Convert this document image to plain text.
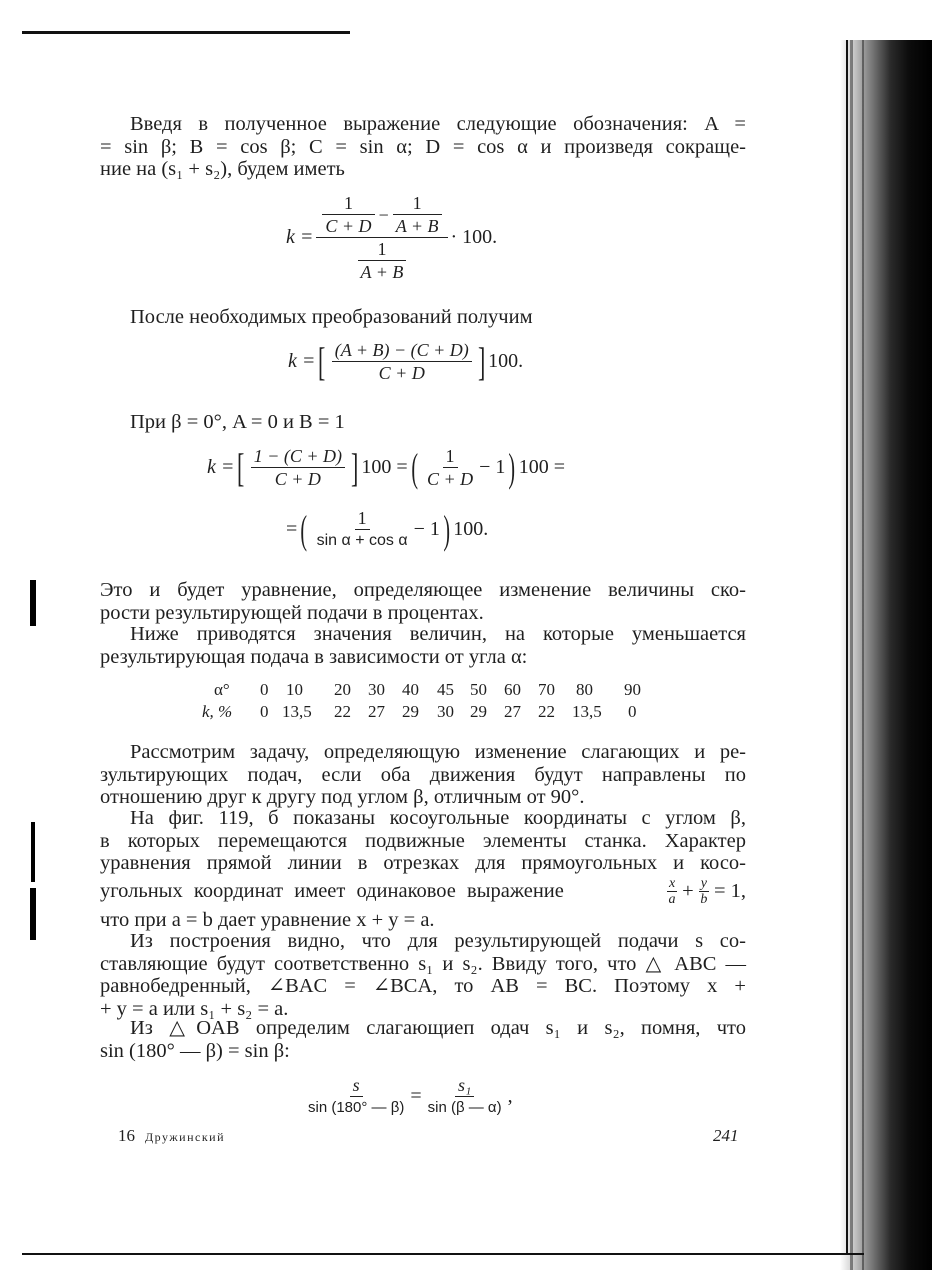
Введя в полученное выражение следующие обозначения: A =
= sin β; B = cos β; C = sin α; D = cos α и произведя сокраще-
ние на (s₁ + s₂), будем иметь
k =
$\frac{1}{C + D} - \frac{1}{A + B}$
$\frac{1}{A + B}$
· 100.
После необходимых преобразований получим
k = [ $\frac{(A + B) - (C + D)}{C + D}$ ] 100.
При β = 0°, A = 0 и B = 1
k = [ $\frac{1 - (C + D)}{C + D}$ ] 100 = ( $\frac{1}{C + D} - 1$ ) 100 =
= ( $\frac{1}{\text{sin α + cos α}} - 1$ ) 100.
Это и будет уравнение, определяющее изменение величины ско-
рости результирующей подачи в процентах.
Ниже приводятся значения величин, на которые уменьшается
результирующая подача в зависимости от угла α:
α° 0 10 20 30 40 45 50 60 70 80 90
k, % 0 13,5 22 27 29 30 29 27 22 13,5 0
Рассмотрим задачу, определяющую изменение слагающих и ре-
зультирующих подач, если оба движения будут направлены по
отношению друг к другу под углом β, отличным от 90°.
На фиг. 119, б показаны косоугольные координаты с углом β,
в которых перемещаются подвижные элементы станка. Характер
уравнения прямой линии в отрезках для прямоугольных и косо-
угольных координат имеет одинаковое выражение	$\frac{x}{a} + \frac{y}{b} = 1$,
что при a = b дает уравнение x + y = a.
Из построения видно, что для результирующей подачи s со-
ставляющие будут соответственно s₁ и s₂. Ввиду того, что △ ABC —
равнобедренный, ∠BAC = ∠BCA, то AB = BC. Поэтому x +
+ y = a или s₁ + s₂ = a.
Из △OAB определим слагающиеп одач s₁ и s₂, помня, что
sin (180° — β) = sin β:
$\frac{s}{\sin (180^\circ — \beta)} = \frac{\text{s₁}}{\sin (\beta — \alpha)}$ ,
16 Дружинский	241
